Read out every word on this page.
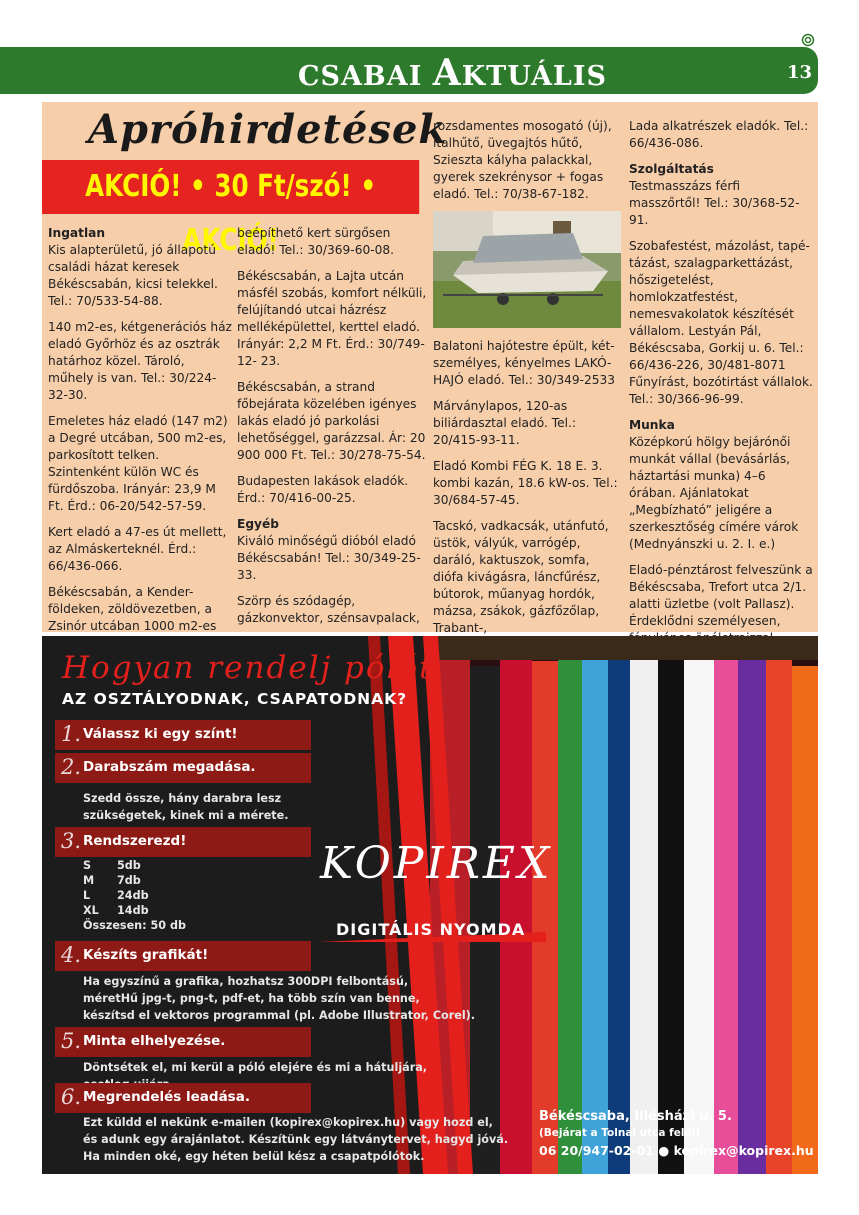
CSABAI AKTUÁLIS	13
Apróhirdetések
AKCIÓ! • 30 Ft/szó! • AKCIÓ!

Ingatlan

Kis alapterületű, jó állapotú családi házat keresek Békéscsabán, kicsi telekkel. Tel.: 70/533-54-88.

140 m2-es, kétgenerációs ház eladó Győrhöz és az osztrák határhoz közel. Tároló, műhely is van. Tel.: 30/224-32-30.

Emeletes ház eladó (147 m2) a Degré utcában, 500 m2-es, parkosított telken. Szintenként külön WC és fürdőszoba. Irányár: 23,9 M Ft. Érd.: 06-20/542-57-59.

Kert eladó a 47-es út mellett, az Almáskerteknél. Érd.: 66/436-066.

Békéscsabán, a Kender-földeken, zöldövezetben, a Zsinór utcában 1000 m2-es

beépíthető kert sürgősen eladó! Tel.: 30/369-60-08.

Békéscsabán, a Lajta utcán másfél szobás, komfort nélküli, felújítandó utcai házrész melléképülettel, kerttel eladó. Irányár: 2,2 M Ft. Érd.: 30/749-12- 23.

Békéscsabán, a strand főbejárata közelében igényes lakás eladó jó parkolási lehetőséggel, garázzsal. Ár: 20 900 000 Ft. Tel.: 30/278-75-54.

Budapesten lakások eladók. Érd.: 70/416-00-25.

Egyéb

Kiváló minőségű dióból eladó Békéscsabán! Tel.: 30/349-25-33.

Szörp és szódagép, gázkonvektor, szénsavpalack,

rozsdamentes mosogató (új), italhűtő, üvegajtós hűtő, Szieszta kályha palackkal, gyerek szekrénysor + fogas eladó. Tel.: 70/38-67-182.

Balatoni hajótestre épült, két-személyes, kényelmes LAKÓ-HAJÓ eladó. Tel.: 30/349-2533

Márványlapos, 120-as biliárdasztal eladó. Tel.: 20/415-93-11.

Eladó Kombi FÉG K. 18 E. 3. kombi kazán, 18.6 kW-os. Tel.: 30/684-57-45.

Tacskó, vadkacsák, utánfutó, üstök, vályúk, varrógép, daráló, kaktuszok, somfa, diófa kivágásra, láncfűrész, bútorok, műanyag hordók, mázsa, zsákok, gázfőzőlap, Trabant-,

Lada alkatrészek eladók. Tel.: 66/436-086.

Szolgáltatás

Testmasszázs férfi masszőrtől! Tel.: 30/368-52-91.

Szobafestést, mázolást, tapé-tázást, szalagparkettázást, hőszigetelést, homlokzatfestést, nemesvakolatok készítését vállalom. Lestyán Pál, Békéscsaba, Gorkij u. 6. Tel.: 66/436-226, 30/481-8071 Fűnyírást, bozótirtást vállalok. Tel.: 30/366-96-99.

Munka

Középkorú hölgy bejárónői munkát vállal (bevásárlás, háztartási munka) 4–6 órában. Ajánlatokat „Megbízható” jeligére a szerkesztőség címére várok (Mednyánszki u. 2. I. e.)

Eladó-pénztárost felveszünk a Békéscsaba, Trefort utca 2/1. alatti üzletbe (volt Pallasz). Érdeklődni személyesen,

Hogyan rendelj pólót
AZ OSZTÁLYODNAK, CSAPATODNAK?
1. Válassz ki egy színt!
2. Darabszám megadása.
Szedd össze, hány darabra lesz
szükségetek, kinek mi a mérete.
3. Rendszerezd!
S	5db
M	7db
L	24db
XL	14db
Összesen: 50 db	
4. Készíts grafikát!
Ha egyszínű a grafika, hozhatsz 300DPI felbontású,
méretHű jpg-t, png-t, pdf-et, ha több szín van benne,
készítsd el vektoros programmal (pl. Adobe Illustrator, Corel).
5. Minta elhelyezése.
Döntsétek el, mi kerül a póló elejére és mi a hátuljára,
6. Megrendelés leadása.
Ezt küldd el nekünk e-mailen (kopirex@kopirex.hu) vagy hozd el,
és adunk egy árajánlatot. Készítünk egy látványtervet, hagyd jóvá.
Ha minden oké, egy héten belül kész a csapatpólótok.
KOPIREX
DIGITÁLIS NYOMDA
Békéscsaba, Illésházi u. 5.
(Bejárat a Tolnai utca felől)
06 20/947-02-01 ● kopirex@kopirex.hu
